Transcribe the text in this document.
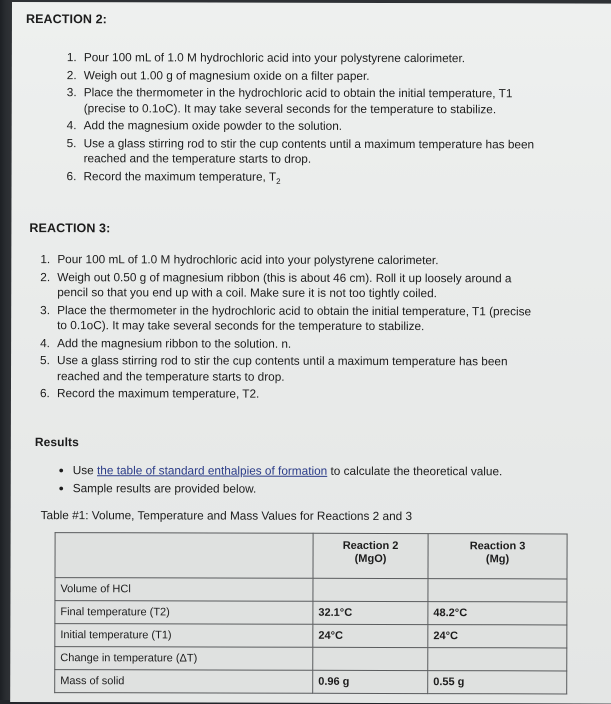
REACTION 2:
1. Pour 100 mL of 1.0 M hydrochloric acid into your polystyrene calorimeter.
2. Weigh out 1.00 g of magnesium oxide on a filter paper.
3. Place the thermometer in the hydrochloric acid to obtain the initial temperature, T1
(precise to 0.1oC). It may take several seconds for the temperature to stabilize.
4. Add the magnesium oxide powder to the solution.
5. Use a glass stirring rod to stir the cup contents until a maximum temperature has been
reached and the temperature starts to drop.
6. Record the maximum temperature, $T_2$
REACTION 3:
1. Pour 100 mL of 1.0 M hydrochloric acid into your polystyrene calorimeter.
2. Weigh out 0.50 g of magnesium ribbon (this is about 46 cm). Roll it up loosely around a
pencil so that you end up with a coil. Make sure it is not too tightly coiled.
3. Place the thermometer in the hydrochloric acid to obtain the initial temperature, T1 (precise
to 0.1oC). It may take several seconds for the temperature to stabilize.
4. Add the magnesium ribbon to the solution. n.
5. Use a glass stirring rod to stir the cup contents until a maximum temperature has been
reached and the temperature starts to drop.
6. Record the maximum temperature, T2.
Results
• Use the table of standard enthalpies of formation to calculate the theoretical value.
• Sample results are provided below.
Table #1: Volume, Temperature and Mass Values for Reactions 2 and 3
	Reaction 2
(MgO)	Reaction 3
(Mg)
Volume of HCl		
Final temperature (T2)	32.1°C	48.2°C
Initial temperature (T1)	24°C	24°C
Change in temperature (ΔT)		
Mass of solid	0.96 g	0.55 g
